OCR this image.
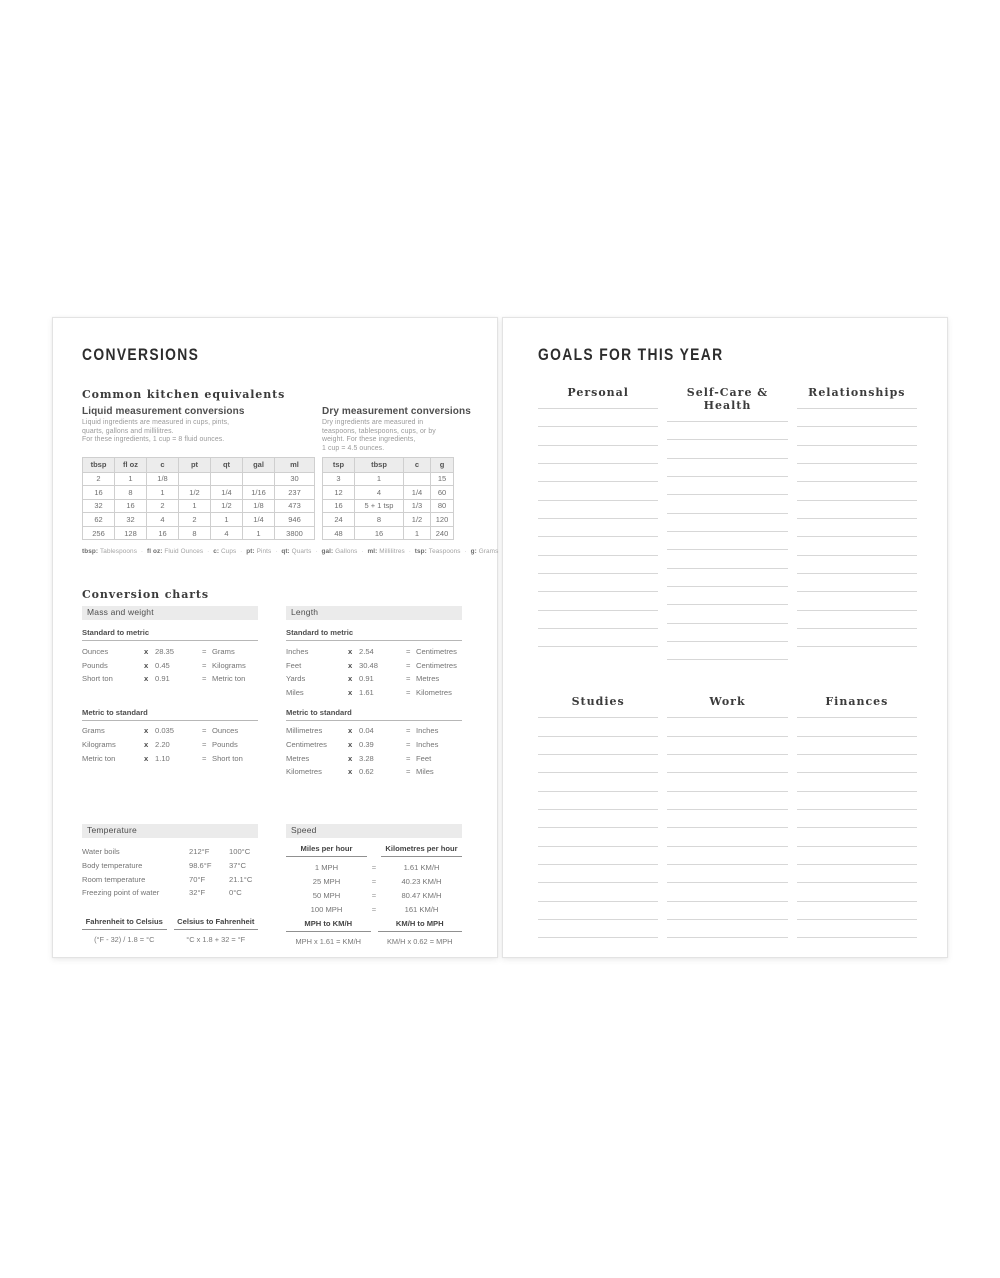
CONVERSIONS
Common kitchen equivalents
Liquid measurement conversions
Liquid ingredients are measured in cups, pints,
quarts, gallons and millilitres.
For these ingredients, 1 cup = 8 fluid ounces.
tbsp	fl oz	c	pt	qt	gal	ml
2	1	1/8				30
16	8	1	1/2	1/4	1/16	237
32	16	2	1	1/2	1/8	473
62	32	4	2	1	1/4	946
256	128	16	8	4	1	3800
Dry measurement conversions
Dry ingredients are measured in
teaspoons, tablespoons, cups, or by
weight. For these ingredients,
1 cup = 4.5 ounces.
tsp	tbsp	c	g
3	1		15
12	4	1/4	60
16	5 + 1 tsp	1/3	80
24	8	1/2	120
48	16	1	240
tbsp: Tablespoons · fl oz: Fluid Ounces · c: Cups · pt: Pints · qt: Quarts · gal: Gallons · ml: Millilitres · tsp: Teaspoons · g: Grams
Conversion charts
Mass and weight
Standard to metric
Ounces	x 28.35	= Grams
Pounds	x 0.45	= Kilograms
Short ton	x 0.91	= Metric ton
Metric to standard
Grams	x 0.035	= Ounces
Kilograms	x 2.20	= Pounds
Metric ton	x 1.10	= Short ton
Length
Standard to metric
Inches	x 2.54	= Centimetres
Feet	x 30.48	= Centimetres
Yards	x 0.91	= Metres
Miles	x 1.61	= Kilometres
Metric to standard
Millimetres	x 0.04	= Inches
Centimetres	x 0.39	= Inches
Metres	x 3.28	= Feet
Kilometres	x 0.62	= Miles
Temperature
Water boils	212°F	100°C
Body temperature	98.6°F	37°C
Room temperature	70°F	21.1°C
Freezing point of water	32°F	0°C
Fahrenheit to Celsius
(°F - 32) / 1.8 = °C
Celsius to Fahrenheit
°C x 1.8 + 32 = °F
Speed
Miles per hour	Kilometres per hour
1 MPH	=	1.61 KM/H
25 MPH	=	40.23 KM/H
50 MPH	=	80.47 KM/H
100 MPH	=	161 KM/H
MPH to KM/H
MPH x 1.61 = KM/H
KM/H to MPH
KM/H x 0.62 = MPH
GOALS FOR THIS YEAR
Personal	Self-Care & Health
Relationships
Studies	Work	Finances
